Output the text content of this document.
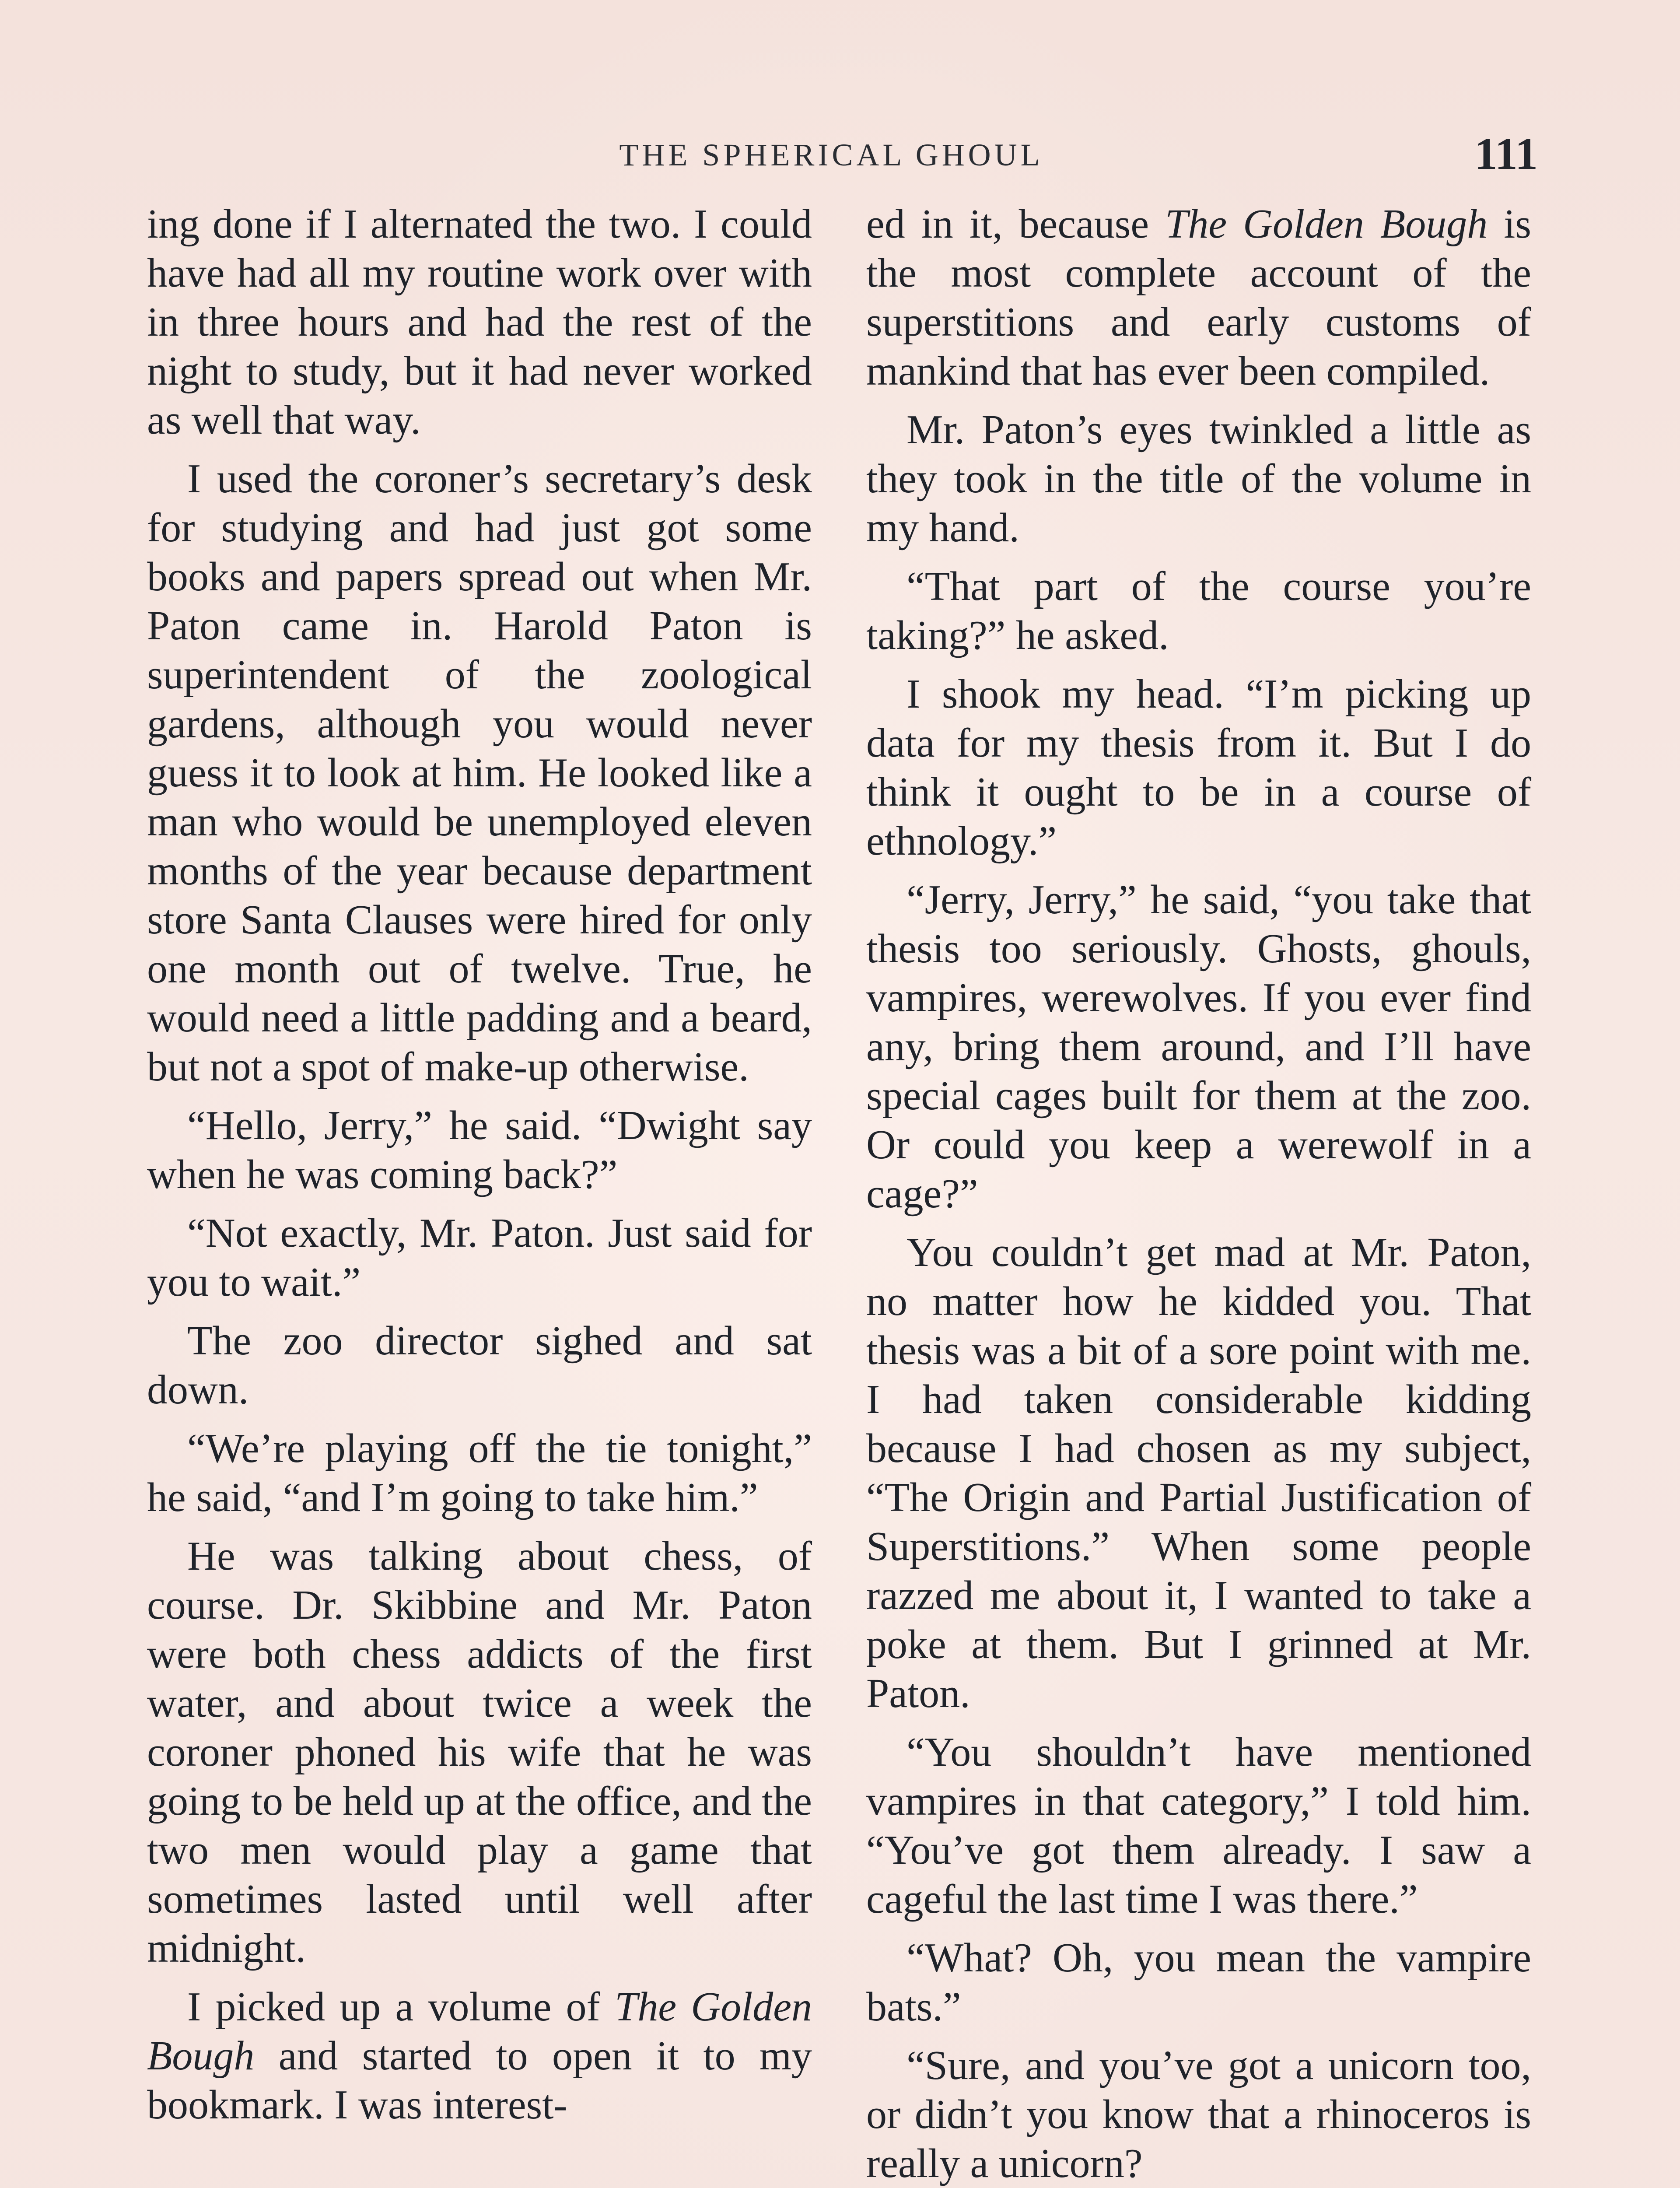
THE SPHERICAL GHOUL	111

ing done if I alternated the two. I could have had all my routine work over with in three hours and had the rest of the night to study, but it had never worked as well that way.

I used the coroner’s secretary’s desk for studying and had just got some books and papers spread out when Mr. Paton came in. Harold Paton is superintendent of the zoological gardens, although you would never guess it to look at him. He looked like a man who would be unemployed eleven months of the year because department store Santa Clauses were hired for only one month out of twelve. True, he would need a little padding and a beard, but not a spot of make-up otherwise.

“Hello, Jerry,” he said. “Dwight say when he was coming back?”

“Not exactly, Mr. Paton. Just said for you to wait.”

The zoo director sighed and sat down.

“We’re playing off the tie tonight,” he said, “and I’m going to take him.”

He was talking about chess, of course. Dr. Skibbine and Mr. Paton were both chess addicts of the first water, and about twice a week the coroner phoned his wife that he was going to be held up at the office, and the two men would play a game that sometimes lasted until well after midnight.

I picked up a volume of The Golden Bough and started to open it to my bookmark. I was interest-

ed in it, because The Golden Bough is the most complete account of the superstitions and early customs of mankind that has ever been compiled.

Mr. Paton’s eyes twinkled a little as they took in the title of the volume in my hand.

“That part of the course you’re taking?” he asked.

I shook my head. “I’m picking up data for my thesis from it. But I do think it ought to be in a course of ethnology.”

“Jerry, Jerry,” he said, “you take that thesis too seriously. Ghosts, ghouls, vampires, werewolves. If you ever find any, bring them around, and I’ll have special cages built for them at the zoo. Or could you keep a werewolf in a cage?”

You couldn’t get mad at Mr. Paton, no matter how he kidded you. That thesis was a bit of a sore point with me. I had taken considerable kidding because I had chosen as my subject, “The Origin and Partial Justification of Superstitions.” When some people razzed me about it, I wanted to take a poke at them. But I grinned at Mr. Paton.

“You shouldn’t have mentioned vampires in that category,” I told him. “You’ve got them already. I saw a cageful the last time I was there.”

“What? Oh, you mean the vampire bats.”

“Sure, and you’ve got a unicorn too, or didn’t you know that a rhinoceros is really a unicorn?
